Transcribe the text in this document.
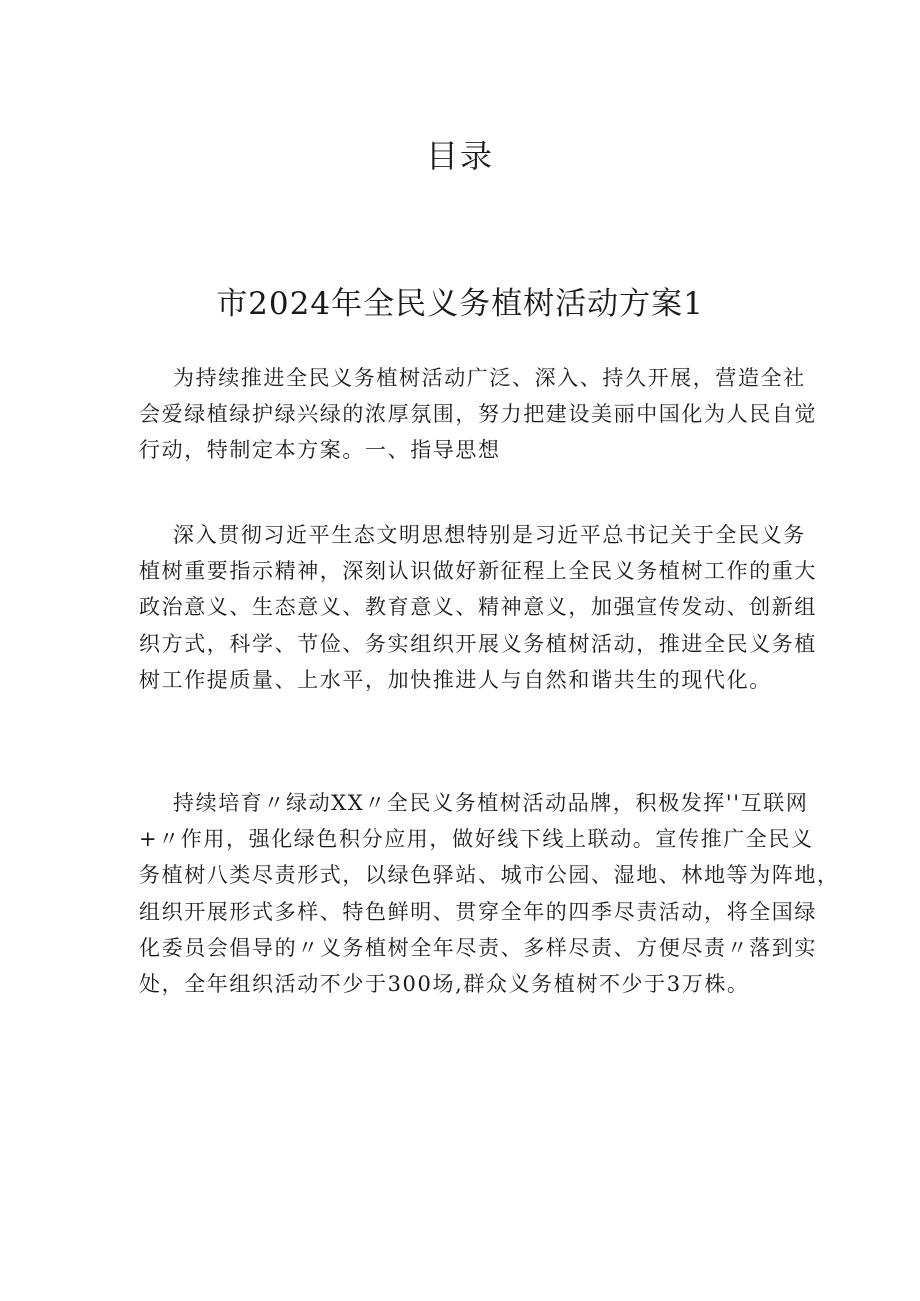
目录
市2024年全民义务植树活动方案1
为持续推进全民义务植树活动广泛、深入、持久开展，营造全社
会爱绿植绿护绿兴绿的浓厚氛围，努力把建设美丽中国化为人民自觉
行动，特制定本方案。一、指导思想
深入贯彻习近平生态文明思想特别是习近平总书记关于全民义务
植树重要指示精神，深刻认识做好新征程上全民义务植树工作的重大
政治意义、生态意义、教育意义、精神意义，加强宣传发动、创新组
织方式，科学、节俭、务实组织开展义务植树活动，推进全民义务植
树工作提质量、上水平，加快推进人与自然和谐共生的现代化。
持续培育〃绿动XX〃全民义务植树活动品牌，积极发挥''互联网
+〃作用，强化绿色积分应用，做好线下线上联动。宣传推广全民义
务植树八类尽责形式，以绿色驿站、城市公园、湿地、林地等为阵地，
组织开展形式多样、特色鲜明、贯穿全年的四季尽责活动，将全国绿
化委员会倡导的〃义务植树全年尽责、多样尽责、方便尽责〃落到实
处，全年组织活动不少于300场,群众义务植树不少于3万株。
